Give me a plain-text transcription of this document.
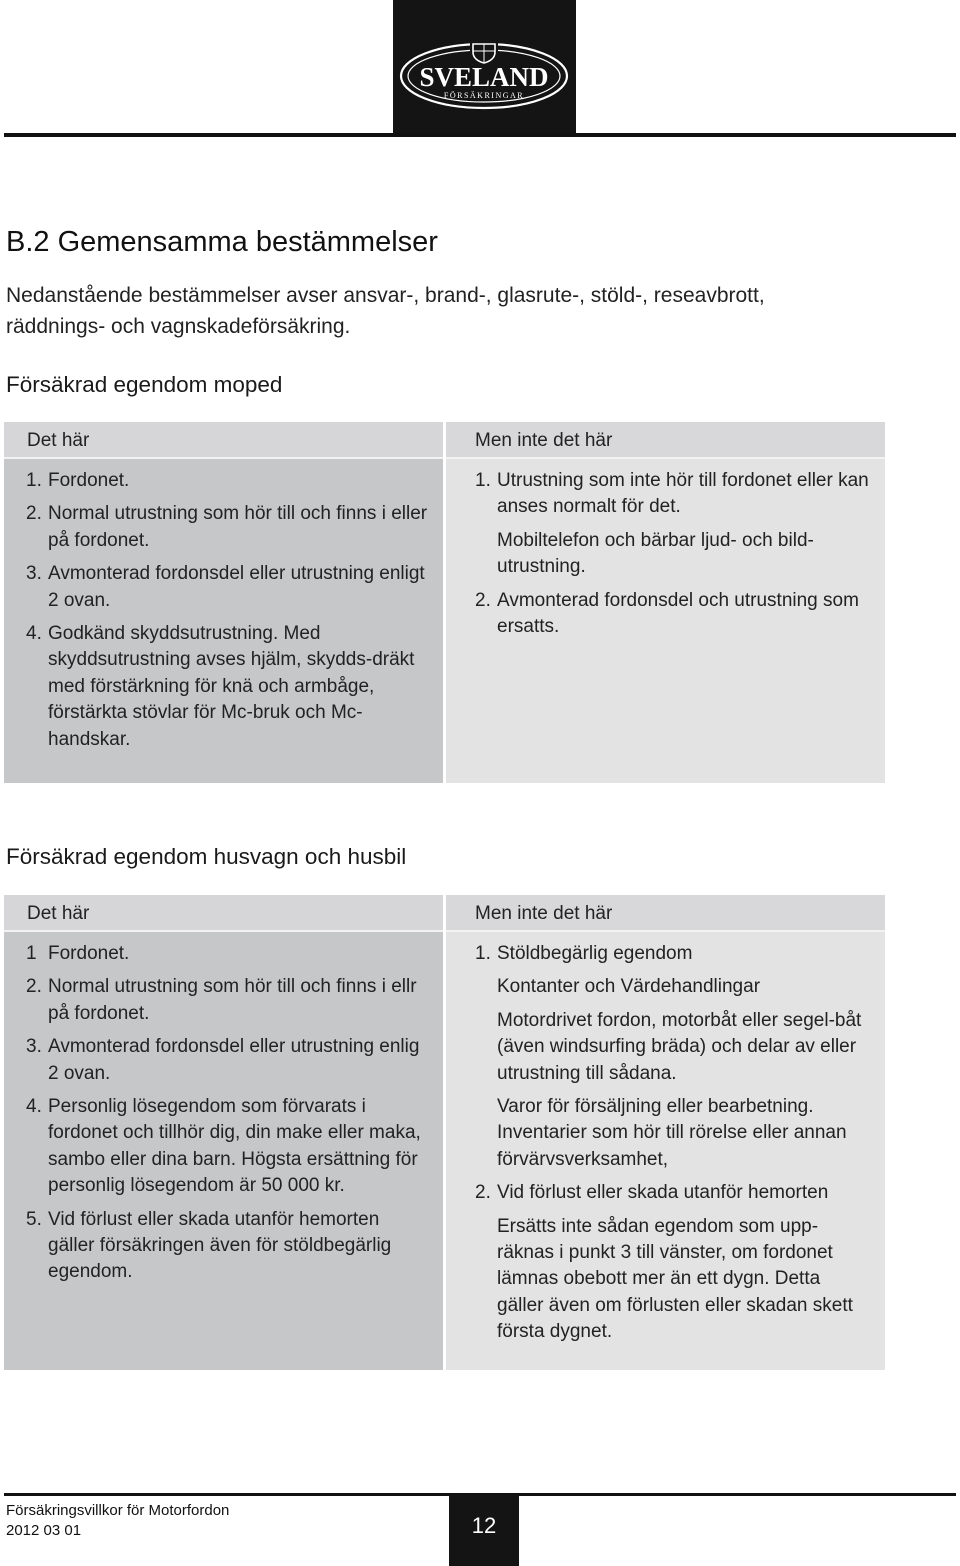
SVELAND
FÖRSÄKRINGAR
B.2 Gemensamma bestämmelser
Nedanstående bestämmelser avser ansvar-, brand-, glasrute-, stöld-, reseavbrott,
räddnings- och vagnskadeförsäkring.
Försäkrad egendom moped
Det här
1. Fordonet.
2. Normal utrustning som hör till och finns i eller på fordonet.
3. Avmonterad fordonsdel eller utrustning enligt 2 ovan.
4. Godkänd skyddsutrustning. Med skyddsutrustning avses hjälm, skydds-dräkt med förstärkning för knä och armbåge, förstärkta stövlar för Mc-bruk och Mc-handskar.
Men inte det här
1. Utrustning som inte hör till fordonet eller kan anses normalt för det.
Mobiltelefon och bärbar ljud- och bild-utrustning.
2. Avmonterad fordonsdel och utrustning som ersatts.
Försäkrad egendom husvagn och husbil
Det här
1 Fordonet.
2. Normal utrustning som hör till och finns i ellr på fordonet.
3. Avmonterad fordonsdel eller utrustning enlig 2 ovan.
4. Personlig lösegendom som förvarats i fordonet och tillhör dig, din make eller maka, sambo eller dina barn. Högsta ersättning för personlig lösegendom är 50 000 kr.
5. Vid förlust eller skada utanför hemorten gäller försäkringen även för stöldbegärlig egendom.
Men inte det här
1. Stöldbegärlig egendom
Kontanter och Värdehandlingar
Motordrivet fordon, motorbåt eller segel-båt (även windsurfing bräda) och delar av eller utrustning till sådana.
Varor för försäljning eller bearbetning. Inventarier som hör till rörelse eller annan förvärvsverksamhet,
2. Vid förlust eller skada utanför hemorten
Ersätts inte sådan egendom som upp-räknas i punkt 3 till vänster, om fordonet lämnas obebott mer än ett dygn. Detta gäller även om förlusten eller skadan skett första dygnet.
Försäkringsvillkor för Motorfordon
2012 03 01	12
